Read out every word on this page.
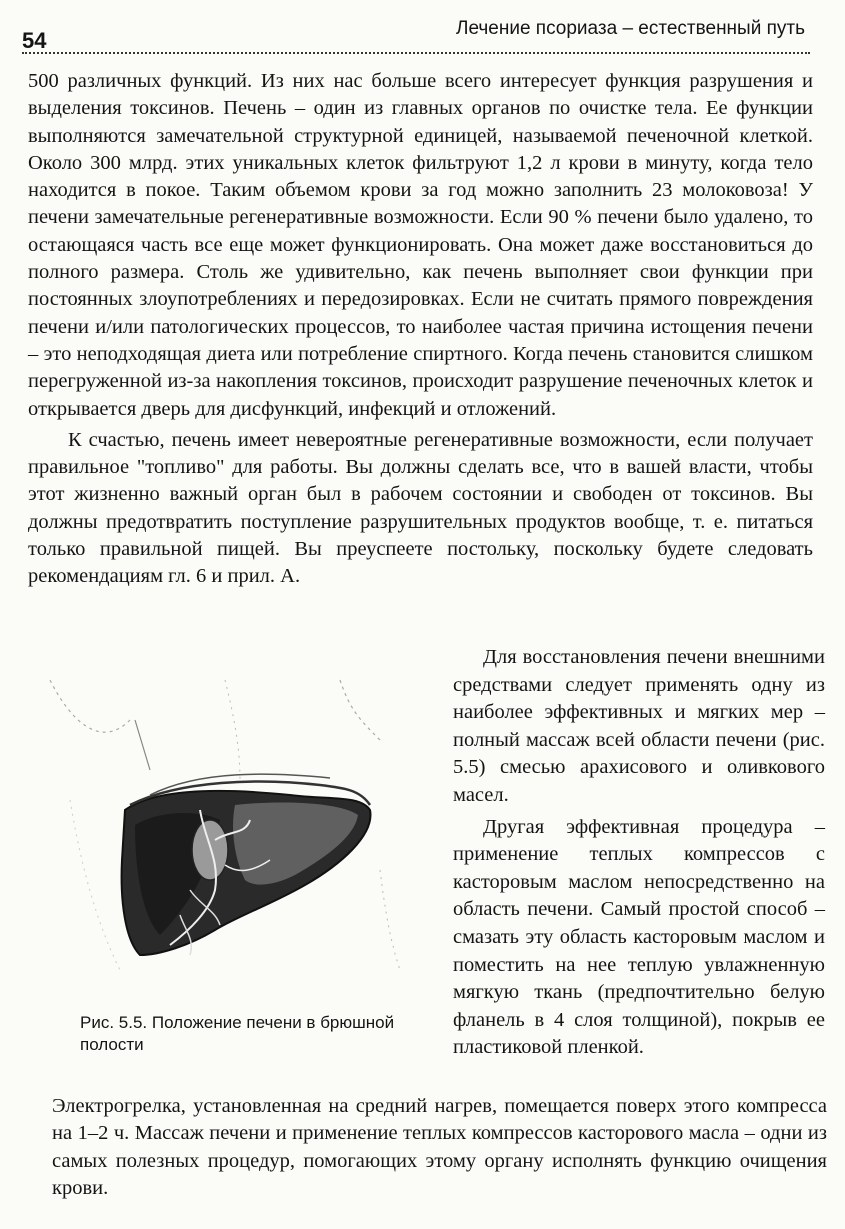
54	Лечение псориаза – естественный путь

500 различных функций. Из них нас больше всего интересует функция разрушения и выделения токсинов. Печень – один из главных органов по очистке тела. Ее функции выполняются замечательной структурной единицей, называемой печеночной клеткой. Около 300 млрд. этих уникальных клеток фильтруют 1,2 л крови в минуту, когда тело находится в покое. Таким объемом крови за год можно заполнить 23 молоковоза! У печени замечательные регенеративные возможности. Если 90 % печени было удалено, то остающаяся часть все еще может функционировать. Она может даже восстановиться до полного размера. Столь же удивительно, как печень выполняет свои функции при постоянных злоупотреблениях и передозировках. Если не считать прямого повреждения печени и/или патологических процессов, то наиболее частая причина истощения печени – это неподходящая диета или потребление спиртного. Когда печень становится слишком перегруженной из-за накопления токсинов, происходит разрушение печеночных клеток и открывается дверь для дисфункций, инфекций и отложений.

К счастью, печень имеет невероятные регенеративные возможности, если получает правильное "топливо" для работы. Вы должны сделать все, что в вашей власти, чтобы этот жизненно важный орган был в рабочем состоянии и свободен от токсинов. Вы должны предотвратить поступление разрушительных продуктов вообще, т. е. питаться только правильной пищей. Вы преуспеете постольку, поскольку будете следовать рекомендациям гл. 6 и прил. А.

Рис. 5.5. Положение печени в брюшной полости

Для восстановления печени внешними средствами следует применять одну из наиболее эффективных и мягких мер – полный массаж всей области печени (рис. 5.5) смесью арахисового и оливкового масел.

Другая эффективная процедура – применение теплых компрессов с касторовым маслом непосредственно на область печени. Самый простой способ – смазать эту область касторовым маслом и поместить на нее теплую увлажненную мягкую ткань (предпочтительно белую фланель в 4 слоя толщиной), покрыв ее пластиковой пленкой.

Электрогрелка, установленная на средний нагрев, помещается поверх этого компресса на 1–2 ч. Массаж печени и применение теплых компрессов касторового масла – одни из самых полезных процедур, помогающих этому органу исполнять функцию очищения крови.
